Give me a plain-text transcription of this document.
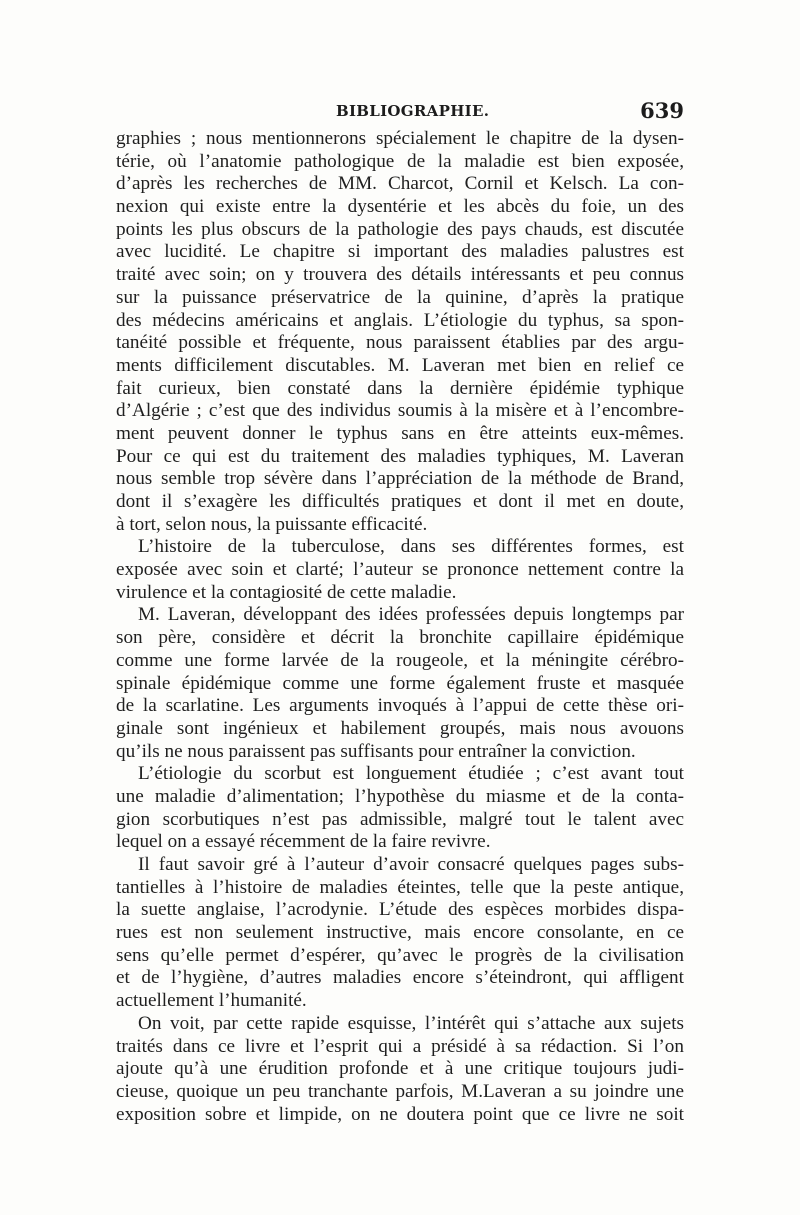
BIBLIOGRAPHIE.	639
graphies ; nous mentionnerons spécialement le chapitre de la dysen-
térie, où l’anatomie pathologique de la maladie est bien exposée,
d’après les recherches de MM. Charcot, Cornil et Kelsch. La con-
nexion qui existe entre la dysentérie et les abcès du foie, un des
points les plus obscurs de la pathologie des pays chauds, est discutée
avec lucidité. Le chapitre si important des maladies palustres est
traité avec soin; on y trouvera des détails intéressants et peu connus
sur la puissance préservatrice de la quinine, d’après la pratique
des médecins américains et anglais. L’étiologie du typhus, sa spon-
tanéité possible et fréquente, nous paraissent établies par des argu-
ments difficilement discutables. M. Laveran met bien en relief ce
fait curieux, bien constaté dans la dernière épidémie typhique
d’Algérie ; c’est que des individus soumis à la misère et à l’encombre-
ment peuvent donner le typhus sans en être atteints eux-mêmes.
Pour ce qui est du traitement des maladies typhiques, M. Laveran
nous semble trop sévère dans l’appréciation de la méthode de Brand,
dont il s’exagère les difficultés pratiques et dont il met en doute,
à tort, selon nous, la puissante efficacité.
L’histoire de la tuberculose, dans ses différentes formes, est
exposée avec soin et clarté; l’auteur se prononce nettement contre la
virulence et la contagiosité de cette maladie.
M. Laveran, développant des idées professées depuis longtemps par
son père, considère et décrit la bronchite capillaire épidémique
comme une forme larvée de la rougeole, et la méningite cérébro-
spinale épidémique comme une forme également fruste et masquée
de la scarlatine. Les arguments invoqués à l’appui de cette thèse ori-
ginale sont ingénieux et habilement groupés, mais nous avouons
qu’ils ne nous paraissent pas suffisants pour entraîner la conviction.
L’étiologie du scorbut est longuement étudiée ; c’est avant tout
une maladie d’alimentation; l’hypothèse du miasme et de la conta-
gion scorbutiques n’est pas admissible, malgré tout le talent avec
lequel on a essayé récemment de la faire revivre.
Il faut savoir gré à l’auteur d’avoir consacré quelques pages subs-
tantielles à l’histoire de maladies éteintes, telle que la peste antique,
la suette anglaise, l’acrodynie. L’étude des espèces morbides dispa-
rues est non seulement instructive, mais encore consolante, en ce
sens qu’elle permet d’espérer, qu’avec le progrès de la civilisation
et de l’hygiène, d’autres maladies encore s’éteindront, qui affligent
actuellement l’humanité.
On voit, par cette rapide esquisse, l’intérêt qui s’attache aux sujets
traités dans ce livre et l’esprit qui a présidé à sa rédaction. Si l’on
ajoute qu’à une érudition profonde et à une critique toujours judi-
cieuse, quoique un peu tranchante parfois, M.Laveran a su joindre une
exposition sobre et limpide, on ne doutera point que ce livre ne soit
